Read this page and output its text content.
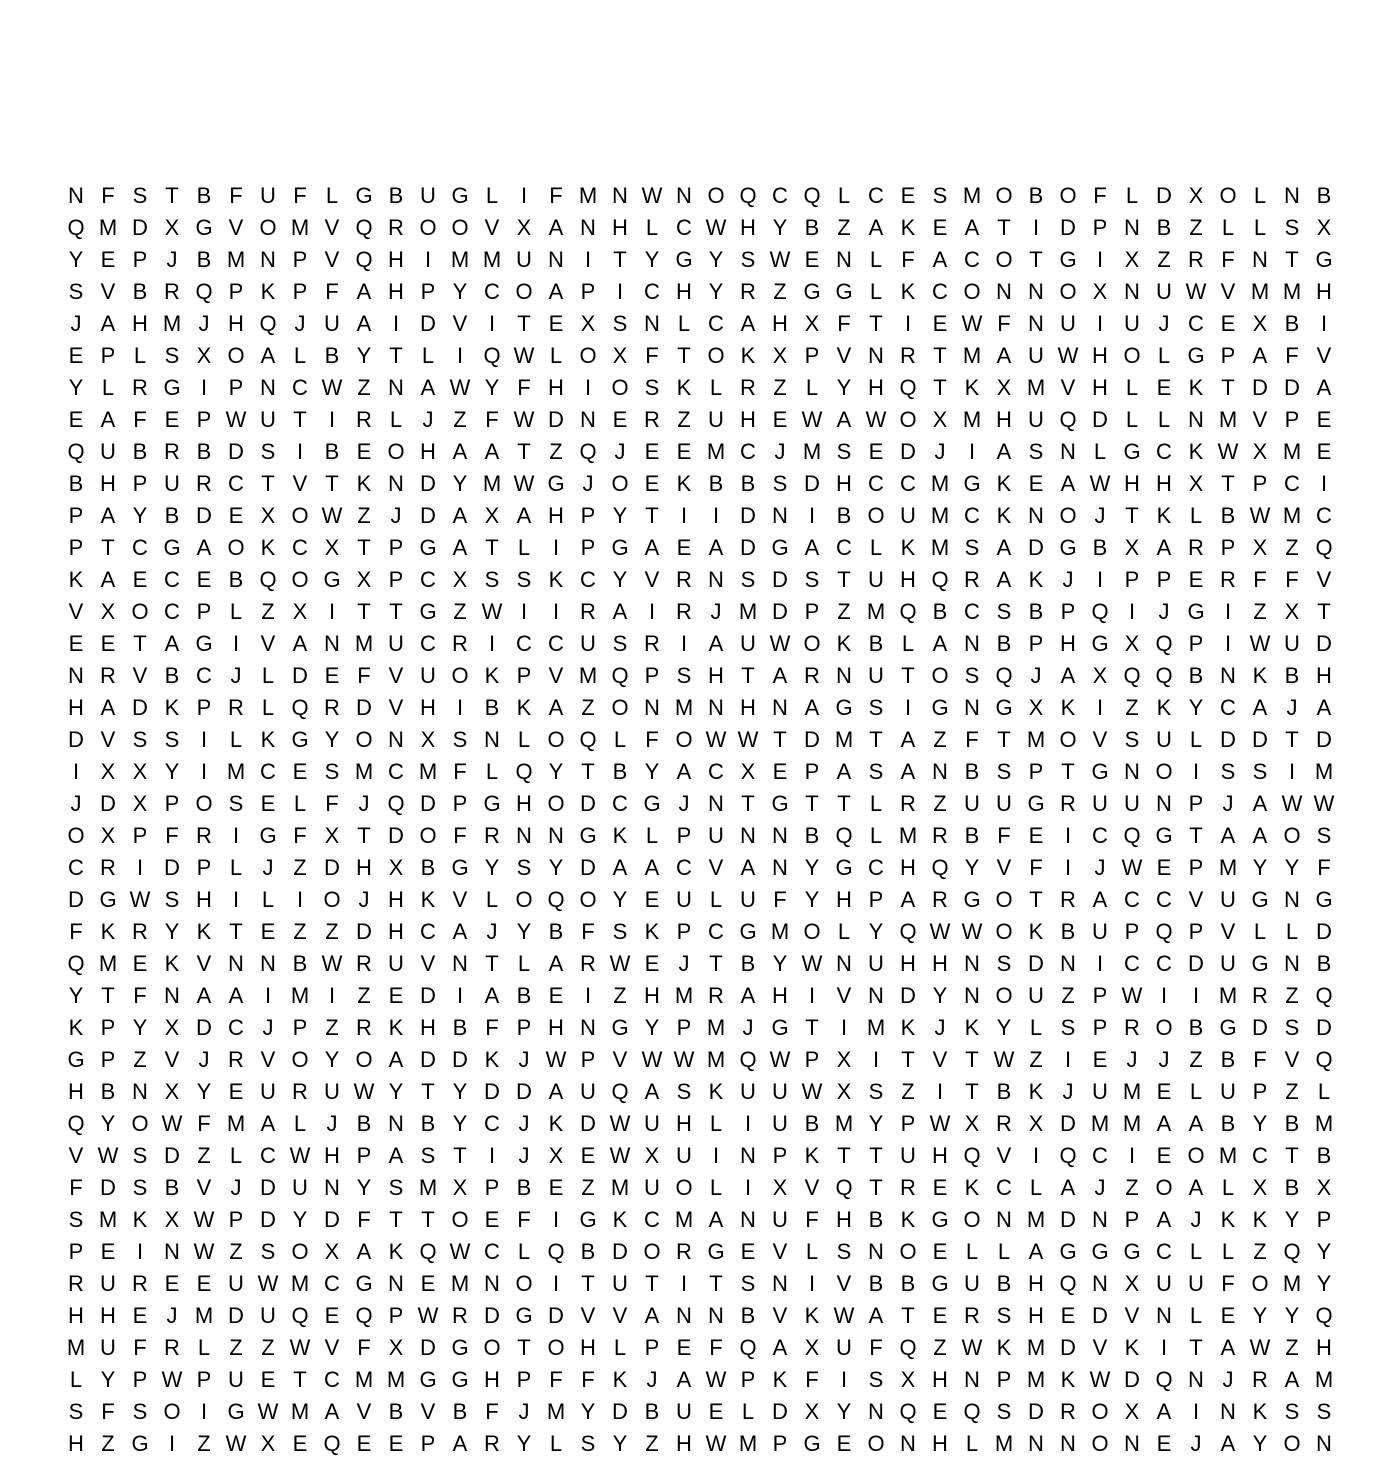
N F S T B F U F L G B U G L	I	F M N W N O Q C Q L C E S M O B O F L D X O L N B
Q M D X G V O M V Q R O O V X A N H L C W H Y B Z A K E A T	I D P N B Z L L S X
Y E P J B M N P V Q H I M M U N I	T Y G Y S W E N L F A C O T G I X Z R F N T G
S V B R Q P K P F A H P Y C O A P I C H Y R Z G G L K C O N N O X N U W V M M H
J A H M J H Q J U A I D V I	T E X S N L C A H X F T	I E W F N U I U J C E X B I
E P L S X O A L B Y T L	I Q W L O X F T O K X P V N R T M A U W H O L G P A F V
Y L R G I P N C W Z N A W Y F H I O S K L R Z L Y H Q T K X M V H L E K T D D A
E A F E P W U T	I R L J Z F W D N E R Z U H E W A W O X M H U Q D L L N M V P E
Q U B R B D S I B E O H A A T Z Q J E E M C J M S E D J	I A S N L G C K W X M E
B H P U R C T V T K N D Y M W G J O E K B B S D H C C M G K E A W H H X T P C I
P A Y B D E X O W Z J D A X A H P Y T	I	I D N I B O U M C K N O J T K L B W M C
P T C G A O K C X T P G A T L	I P G A E A D G A C L K M S A D G B X A R P X Z Q
K A E C E B Q O G X P C X S S K C Y V R N S D S T U H Q R A K J	I P P E R F F V
V X O C P L Z X I	T T G Z W I	I R A I R J M D P Z M Q B C S B P Q I	J G I	Z X T
E E T A G I V A N M U C R I C C U S R I A U W O K B L A N B P H G X Q P I W U D
N R V B C J L D E F V U O K P V M Q P S H T A R N U T O S Q J A X Q Q B N K B H
H A D K P R L Q R D V H I B K A Z O N M N H N A G S I G N G X K I	Z K Y C A J A
D V S S I	L K G Y O N X S N L O Q L F O W W T D M T A Z F T M O V S U L D D T D
I X X Y I M C E S M C M F L Q Y T B Y A C X E P A S A N B S P T G N O I S S I M
J D X P O S E L F J Q D P G H O D C G J N T G T T L R Z U U G R U U N P J A W W
O X P F R I G F X T D O F R N N G K L P U N N B Q L M R B F E I C Q G T A A O S
C R I D P L J Z D H X B G Y S Y D A A C V A N Y G C H Q Y V F	I	J W E P M Y Y F
D G W S H I	L	I O J H K V L O Q O Y E U L U F Y H P A R G O T R A C C V U G N G
F K R Y K T E Z Z D H C A J Y B F S K P C G M O L Y Q W W O K B U P Q P V L L D
Q M E K V N N B W R U V N T L A R W E J T B Y W N U H H N S D N I C C D U G N B
Y T F N A A I M I	Z E D I A B E I	Z H M R A H I V N D Y N O U Z P W I	I M R Z Q
K P Y X D C J P Z R K H B F P H N G Y P M J G T	I M K J K Y L S P R O B G D S D
G P Z V J R V O Y O A D D K J W P V W W M Q W P X I	T V T W Z	I E J J Z B F V Q
H B N X Y E U R U W Y T Y D D A U Q A S K U U W X S Z	I	T B K J U M E L U P Z L
Q Y O W F M A L J B N B Y C J K D W U H L	I U B M Y P W X R X D M M A A B Y B M
V W S D Z L C W H P A S T	I	J X E W X U I N P K T T U H Q V I Q C I E O M C T B
F D S B V J D U N Y S M X P B E Z M U O L	I X V Q T R E K C L A J Z O A L X B X
S M K X W P D Y D F T T O E F	I G K C M A N U F H B K G O N M D N P A J K K Y P
P E I N W Z S O X A K Q W C L Q B D O R G E V L S N O E L L A G G G C L L Z Q Y
R U R E E U W M C G N E M N O I	T U T	I	T S N I V B B G U B H Q N X U U F O M Y
H H E J M D U Q E Q P W R D G D V V A N N B V K W A T E R S H E D V N L E Y Y Q
M U F R L Z Z W V F X D G O T O H L P E F Q A X U F Q Z W K M D V K I	T A W Z H
L Y P W P U E T C M M G G H P F F K J A W P K F	I S X H N P M K W D Q N J R A M
S F S O I G W M A V B V B F J M Y D B U E L D X Y N Q E Q S D R O X A I N K S S
H Z G I	Z W X E Q E E P A R Y L S Y Z H W M P G E O N H L M N N O N E J A Y O N
